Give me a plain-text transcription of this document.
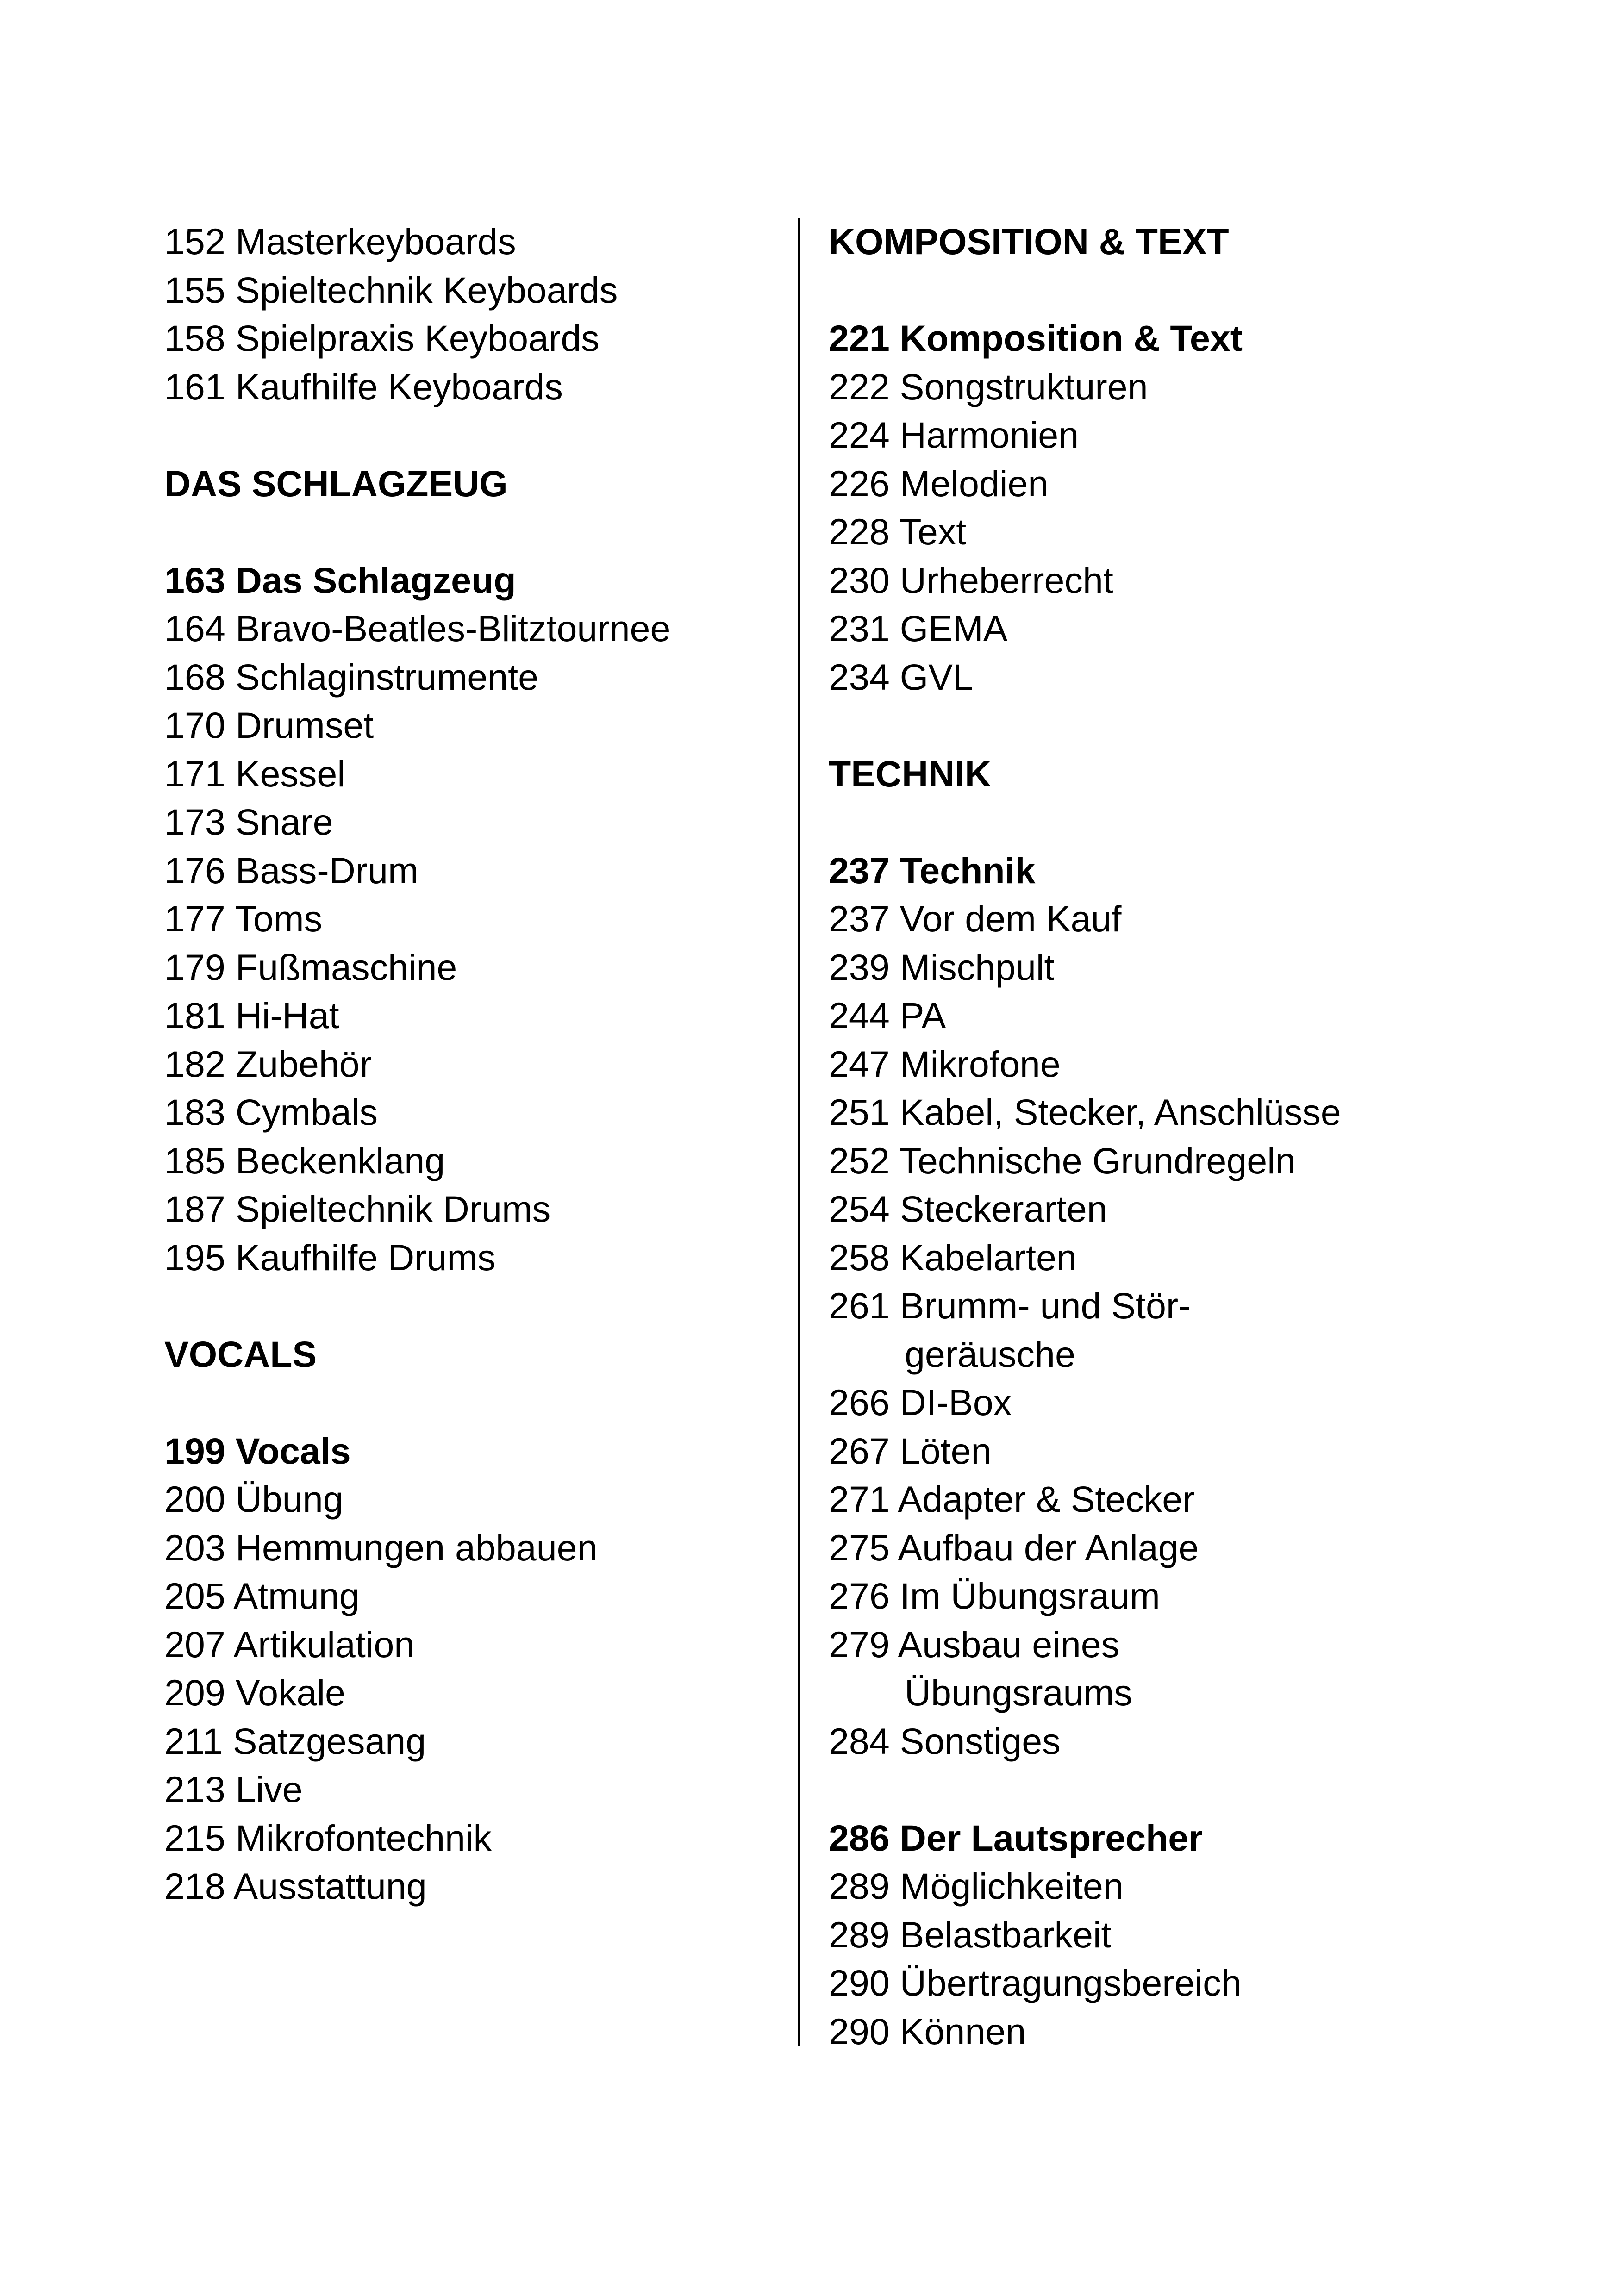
152 Masterkeyboards
155 Spieltechnik Keyboards
158 Spielpraxis Keyboards
161 Kaufhilfe Keyboards
DAS SCHLAGZEUG
163 Das Schlagzeug
164 Bravo-Beatles-Blitztournee
168 Schlaginstrumente
170 Drumset
171 Kessel
173 Snare
176 Bass-Drum
177 Toms
179 Fußmaschine
181 Hi-Hat
182 Zubehör
183 Cymbals
185 Beckenklang
187 Spieltechnik Drums
195 Kaufhilfe Drums
VOCALS
199 Vocals
200 Übung
203 Hemmungen abbauen
205 Atmung
207 Artikulation
209 Vokale
211 Satzgesang
213 Live
215 Mikrofontechnik
218 Ausstattung
KOMPOSITION & TEXT
221 Komposition & Text
222 Songstrukturen
224 Harmonien
226 Melodien
228 Text
230 Urheberrecht
231 GEMA
234 GVL
TECHNIK
237 Technik
237 Vor dem Kauf
239 Mischpult
244 PA
247 Mikrofone
251 Kabel, Stecker, Anschlüsse
252 Technische Grundregeln
254 Steckerarten
258 Kabelarten
261 Brumm- und Stör-
geräusche
266 DI-Box
267 Löten
271 Adapter & Stecker
275 Aufbau der Anlage
276 Im Übungsraum
279 Ausbau eines
Übungsraums
284 Sonstiges
286 Der Lautsprecher
289 Möglichkeiten
289 Belastbarkeit
290 Übertragungsbereich
290 Können
